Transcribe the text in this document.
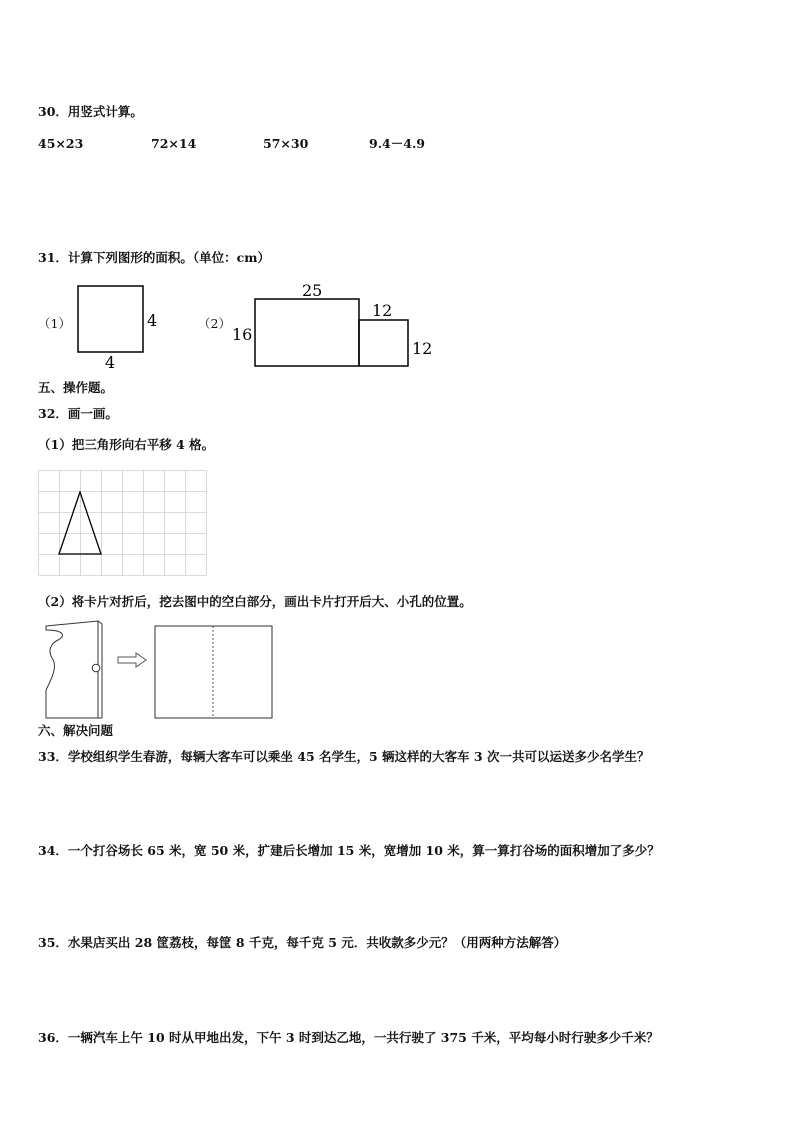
30．用竖式计算。
45×23	72×14	57×30	9.4－4.9
31．计算下列图形的面积。（单位：cm）
（1）	4
4
（2）
16
25
12
12
五、操作题。
32．画一画。
（1）把三角形向右平移 4 格。
（2）将卡片对折后，挖去图中的空白部分，画出卡片打开后大、小孔的位置。
六、解决问题
33．学校组织学生春游，每辆大客车可以乘坐 45 名学生，5 辆这样的大客车 3 次一共可以运送多少名学生？
34．一个打谷场长 65 米，宽 50 米，扩建后长增加 15 米，宽增加 10 米，算一算打谷场的面积增加了多少？
35．水果店买出 28 筐荔枝，每筐 8 千克，每千克 5 元．共收款多少元？（用两种方法解答）
36．一辆汽车上午 10 时从甲地出发，下午 3 时到达乙地，一共行驶了 375 千米，平均每小时行驶多少千米？
